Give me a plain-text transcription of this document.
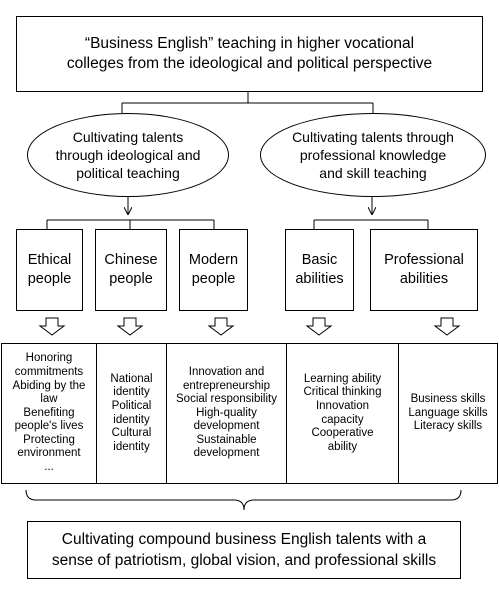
“Business English” teaching in higher vocational
colleges from the ideological and political perspective
Cultivating talents
through ideological and
political teaching
Cultivating talents through
professional knowledge
and skill teaching
Ethical
people
Chinese
people
Modern
people
Basic
abilities
Professional
abilities
Honoring
commitments
Abiding by the
law
Benefiting
people's lives
Protecting
environment
...
National
identity
Political
identity
Cultural
identity
Innovation and
entrepreneurship
Social responsibility
High-quality
development
Sustainable
development
Learning ability
Critical thinking
Innovation
capacity
Cooperative
ability
Business skills
Language skills
Literacy skills
Cultivating compound business English talents with a
sense of patriotism, global vision, and professional skills
